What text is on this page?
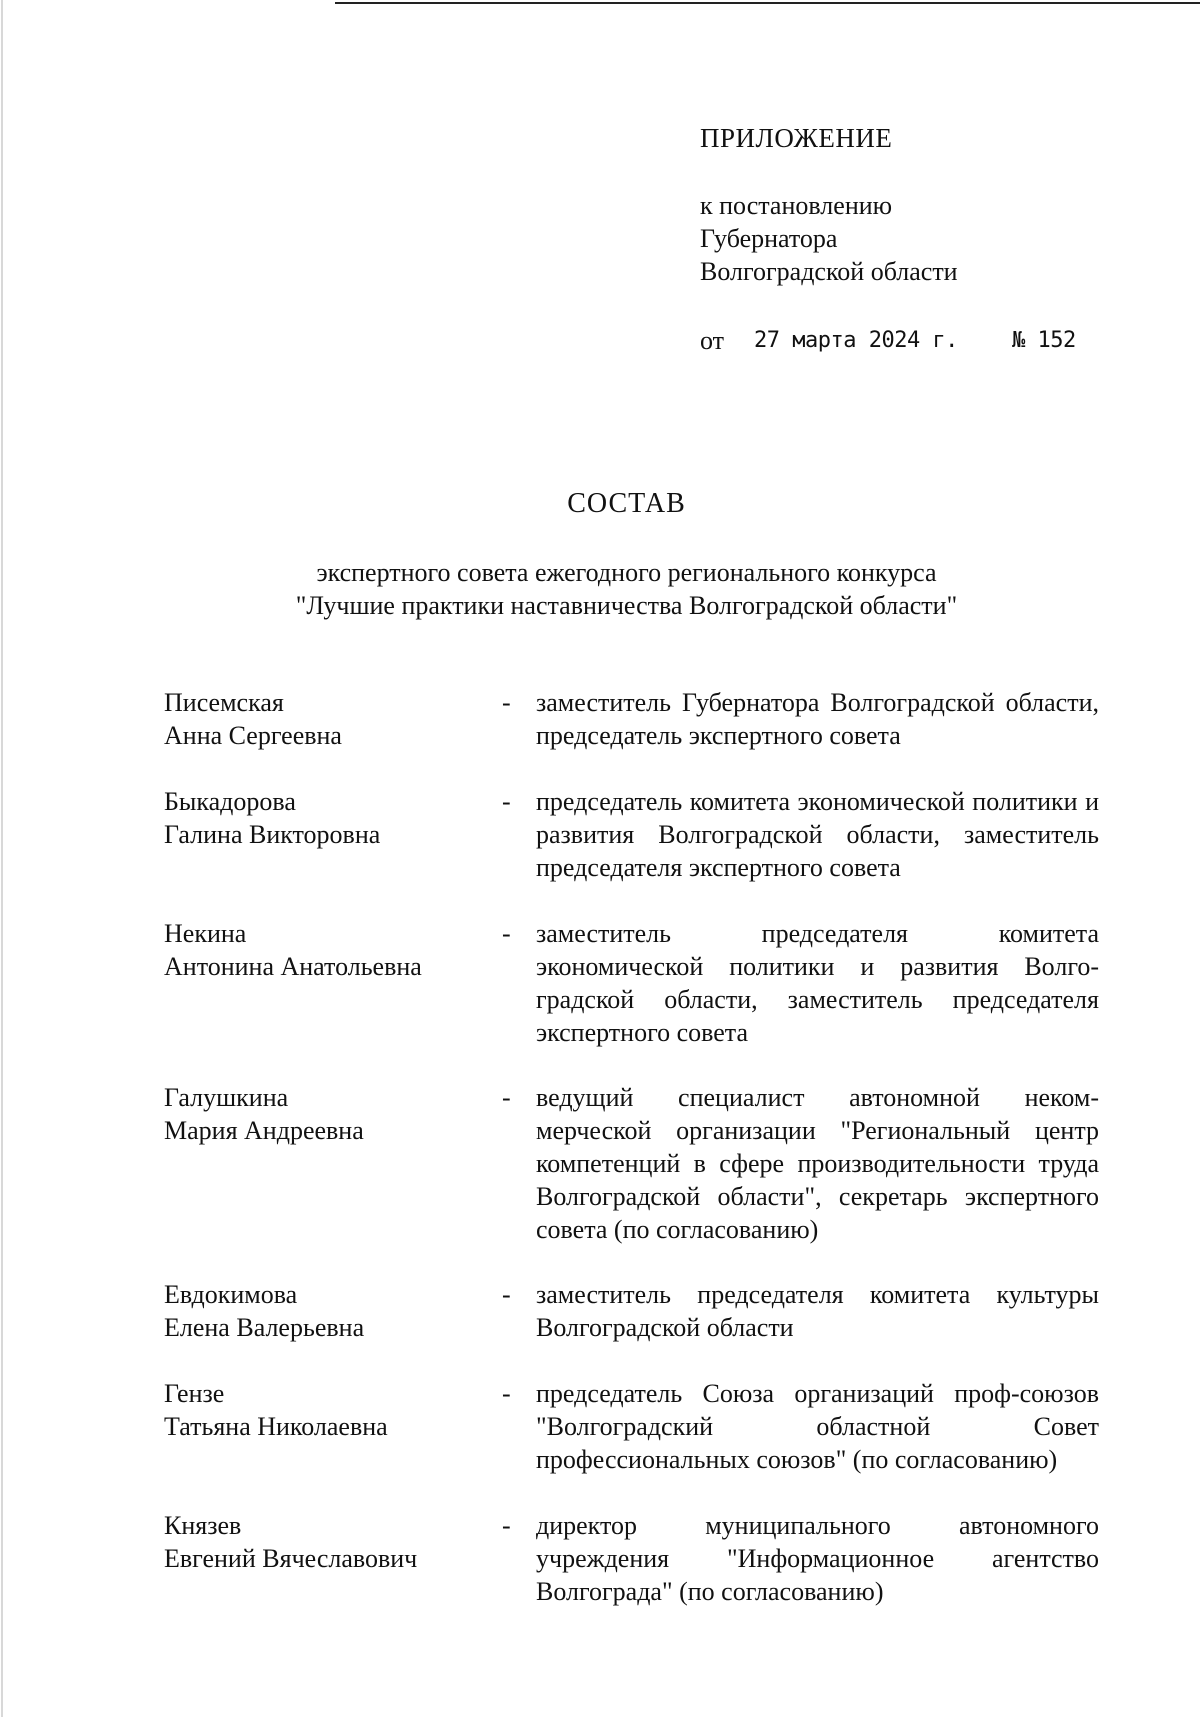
ПРИЛОЖЕНИЕ
к постановлению
Губернатора
Волгоградской области
от 27 марта 2024 г. № 152
СОСТАВ
экспертного совета ежегодного регионального конкурса
"Лучшие практики наставничества Волгоградской области"
Писемская
Анна Сергеевна
- заместитель Губернатора Волгоградской области, председатель экспертного совета
Быкадорова
Галина Викторовна
- председатель комитета экономической политики и развития Волгоградской области, заместитель председателя экспертного совета
Некина
Антонина Анатольевна
- заместитель председателя комитета экономической политики и развития Волго-градской области, заместитель председателя экспертного совета
Галушкина
Мария Андреевна
- ведущий специалист автономной неком-мерческой организации "Региональный центр компетенций в сфере производительности труда Волгоградской области", секретарь экспертного совета (по согласованию)
Евдокимова
Елена Валерьевна
- заместитель председателя комитета культуры Волгоградской области
Гензе
Татьяна Николаевна
- председатель Союза организаций проф-союзов "Волгоградский областной Совет профессиональных союзов" (по согласованию)
Князев
Евгений Вячеславович
- директор муниципального автономного учреждения "Информационное агентство Волгограда" (по согласованию)
